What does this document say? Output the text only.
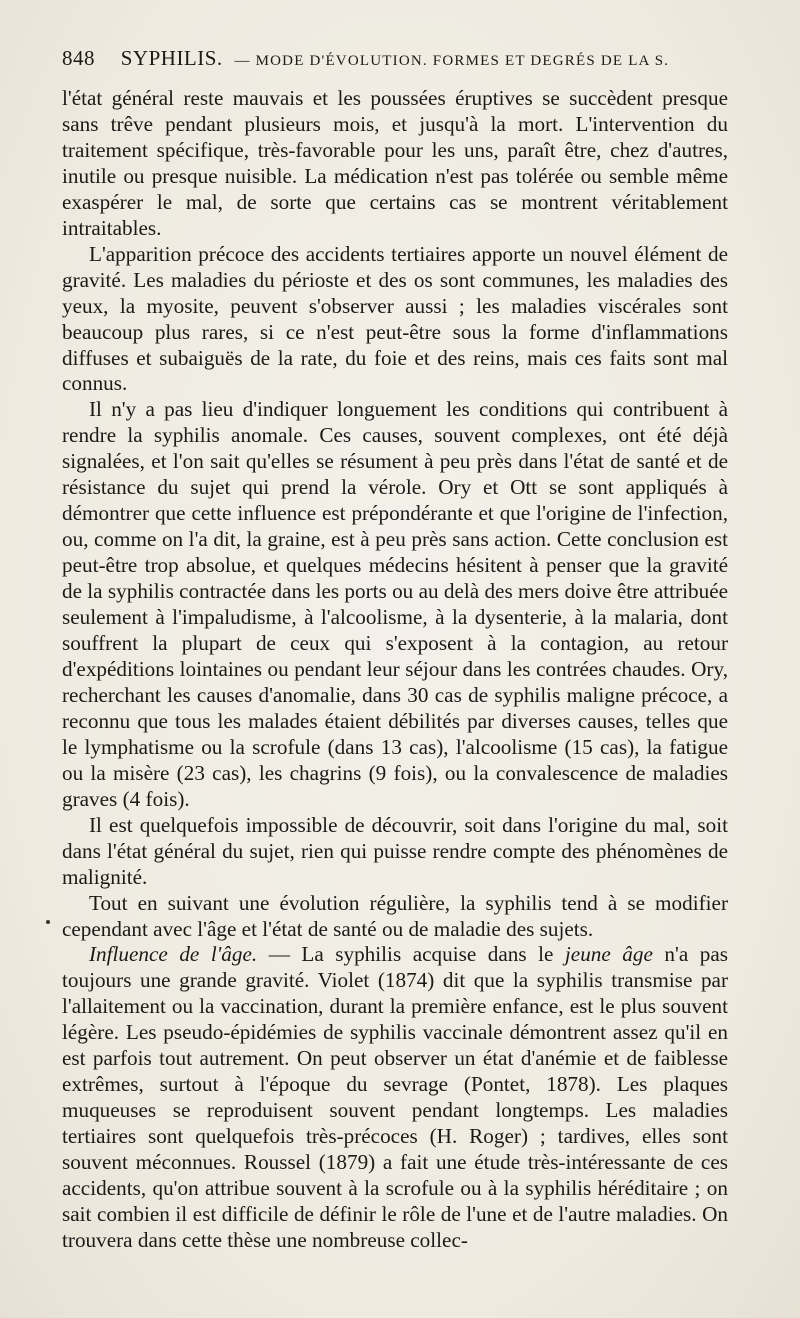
848 SYPHILIS. — MODE D'ÉVOLUTION. FORMES ET DEGRÉS DE LA S.

l'état général reste mauvais et les poussées éruptives se succèdent presque sans trêve pendant plusieurs mois, et jusqu'à la mort. L'intervention du traitement spécifique, très-favorable pour les uns, paraît être, chez d'autres, inutile ou presque nuisible. La médication n'est pas tolérée ou semble même exaspérer le mal, de sorte que certains cas se montrent véritablement intraitables.

L'apparition précoce des accidents tertiaires apporte un nouvel élément de gravité. Les maladies du périoste et des os sont communes, les maladies des yeux, la myosite, peuvent s'observer aussi ; les maladies viscérales sont beaucoup plus rares, si ce n'est peut-être sous la forme d'inflammations diffuses et subaiguës de la rate, du foie et des reins, mais ces faits sont mal connus.

Il n'y a pas lieu d'indiquer longuement les conditions qui contribuent à rendre la syphilis anomale. Ces causes, souvent complexes, ont été déjà signalées, et l'on sait qu'elles se résument à peu près dans l'état de santé et de résistance du sujet qui prend la vérole. Ory et Ott se sont appliqués à démontrer que cette influence est prépondérante et que l'origine de l'infection, ou, comme on l'a dit, la graine, est à peu près sans action. Cette conclusion est peut-être trop absolue, et quelques médecins hésitent à penser que la gravité de la syphilis contractée dans les ports ou au delà des mers doive être attribuée seulement à l'impaludisme, à l'alcoolisme, à la dysenterie, à la malaria, dont souffrent la plupart de ceux qui s'exposent à la contagion, au retour d'expéditions lointaines ou pendant leur séjour dans les contrées chaudes. Ory, recherchant les causes d'anomalie, dans 30 cas de syphilis maligne précoce, a reconnu que tous les malades étaient débilités par diverses causes, telles que le lymphatisme ou la scrofule (dans 13 cas), l'alcoolisme (15 cas), la fatigue ou la misère (23 cas), les chagrins (9 fois), ou la convalescence de maladies graves (4 fois).

Il est quelquefois impossible de découvrir, soit dans l'origine du mal, soit dans l'état général du sujet, rien qui puisse rendre compte des phénomènes de malignité.

Tout en suivant une évolution régulière, la syphilis tend à se modifier cependant avec l'âge et l'état de santé ou de maladie des sujets.

Influence de l'âge. — La syphilis acquise dans le jeune âge n'a pas toujours une grande gravité. Violet (1874) dit que la syphilis transmise par l'allaitement ou la vaccination, durant la première enfance, est le plus souvent légère. Les pseudo-épidémies de syphilis vaccinale démontrent assez qu'il en est parfois tout autrement. On peut observer un état d'anémie et de faiblesse extrêmes, surtout à l'époque du sevrage (Pontet, 1878). Les plaques muqueuses se reproduisent souvent pendant longtemps. Les maladies tertiaires sont quelquefois très-précoces (H. Roger) ; tardives, elles sont souvent méconnues. Roussel (1879) a fait une étude très-intéressante de ces accidents, qu'on attribue souvent à la scrofule ou à la syphilis héréditaire ; on sait combien il est difficile de définir le rôle de l'une et de l'autre maladies. On trouvera dans cette thèse une nombreuse collec-
